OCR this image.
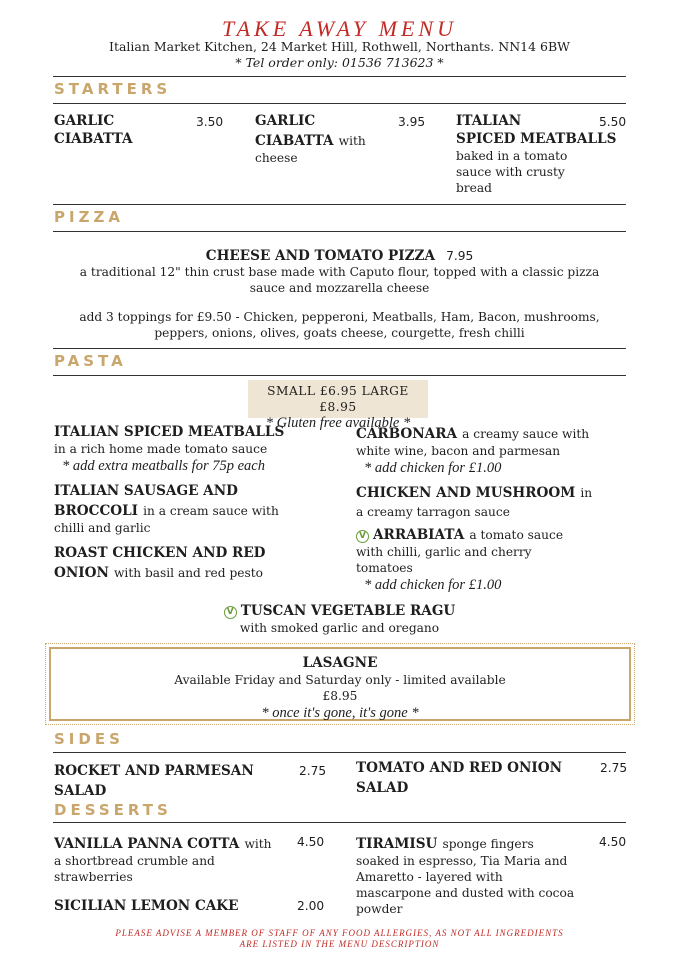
TAKE AWAY MENU
Italian Market Kitchen, 24 Market Hill, Rothwell, Northants. NN14 6BW
* Tel order only: 01536 713623 *
STARTERS
GARLIC
CIABATTA
3.50 GARLIC
CIABATTA with
cheese
3.95 ITALIAN
SPICED MEATBALLS
baked in a tomato
sauce with crusty
bread
5.50
PIZZA
CHEESE AND TOMATO PIZZA 7.95
a traditional 12" thin crust base made with Caputo flour, topped with a classic pizza
sauce and mozzarella cheese
add 3 toppings for £9.50 - Chicken, pepperoni, Meatballs, Ham, Bacon, mushrooms,
peppers, onions, olives, goats cheese, courgette, fresh chilli
PASTA
SMALL £6.95 LARGE £8.95
* Gluten free available *
ITALIAN SPICED MEATBALLS
in a rich home made tomato sauce
* add extra meatballs for 75p each
ITALIAN SAUSAGE AND
BROCCOLI in a cream sauce with
chilli and garlic
ROAST CHICKEN AND RED
ONION with basil and red pesto
CARBONARA a creamy sauce with
white wine, bacon and parmesan
* add chicken for £1.00
CHICKEN AND MUSHROOM in
a creamy tarragon sauce
V ARRABIATA a tomato sauce
with chilli, garlic and cherry
tomatoes
* add chicken for £1.00
V TUSCAN VEGETABLE RAGU
with smoked garlic and oregano
LASAGNE
Available Friday and Saturday only - limited available
£8.95
* once it's gone, it's gone *
SIDES
ROCKET AND PARMESAN
SALAD
2.75 TOMATO AND RED ONION
SALAD
2.75
DESSERTS
VANILLA PANNA COTTA with
a shortbread crumble and
strawberries
4.50
SICILIAN LEMON CAKE	2.00
TIRAMISU sponge fingers
soaked in espresso, Tia Maria and
Amaretto - layered with
mascarpone and dusted with cocoa
powder
4.50
PLEASE ADVISE A MEMBER OF STAFF OF ANY FOOD ALLERGIES, AS NOT ALL INGREDIENTS
ARE LISTED IN THE MENU DESCRIPTION
